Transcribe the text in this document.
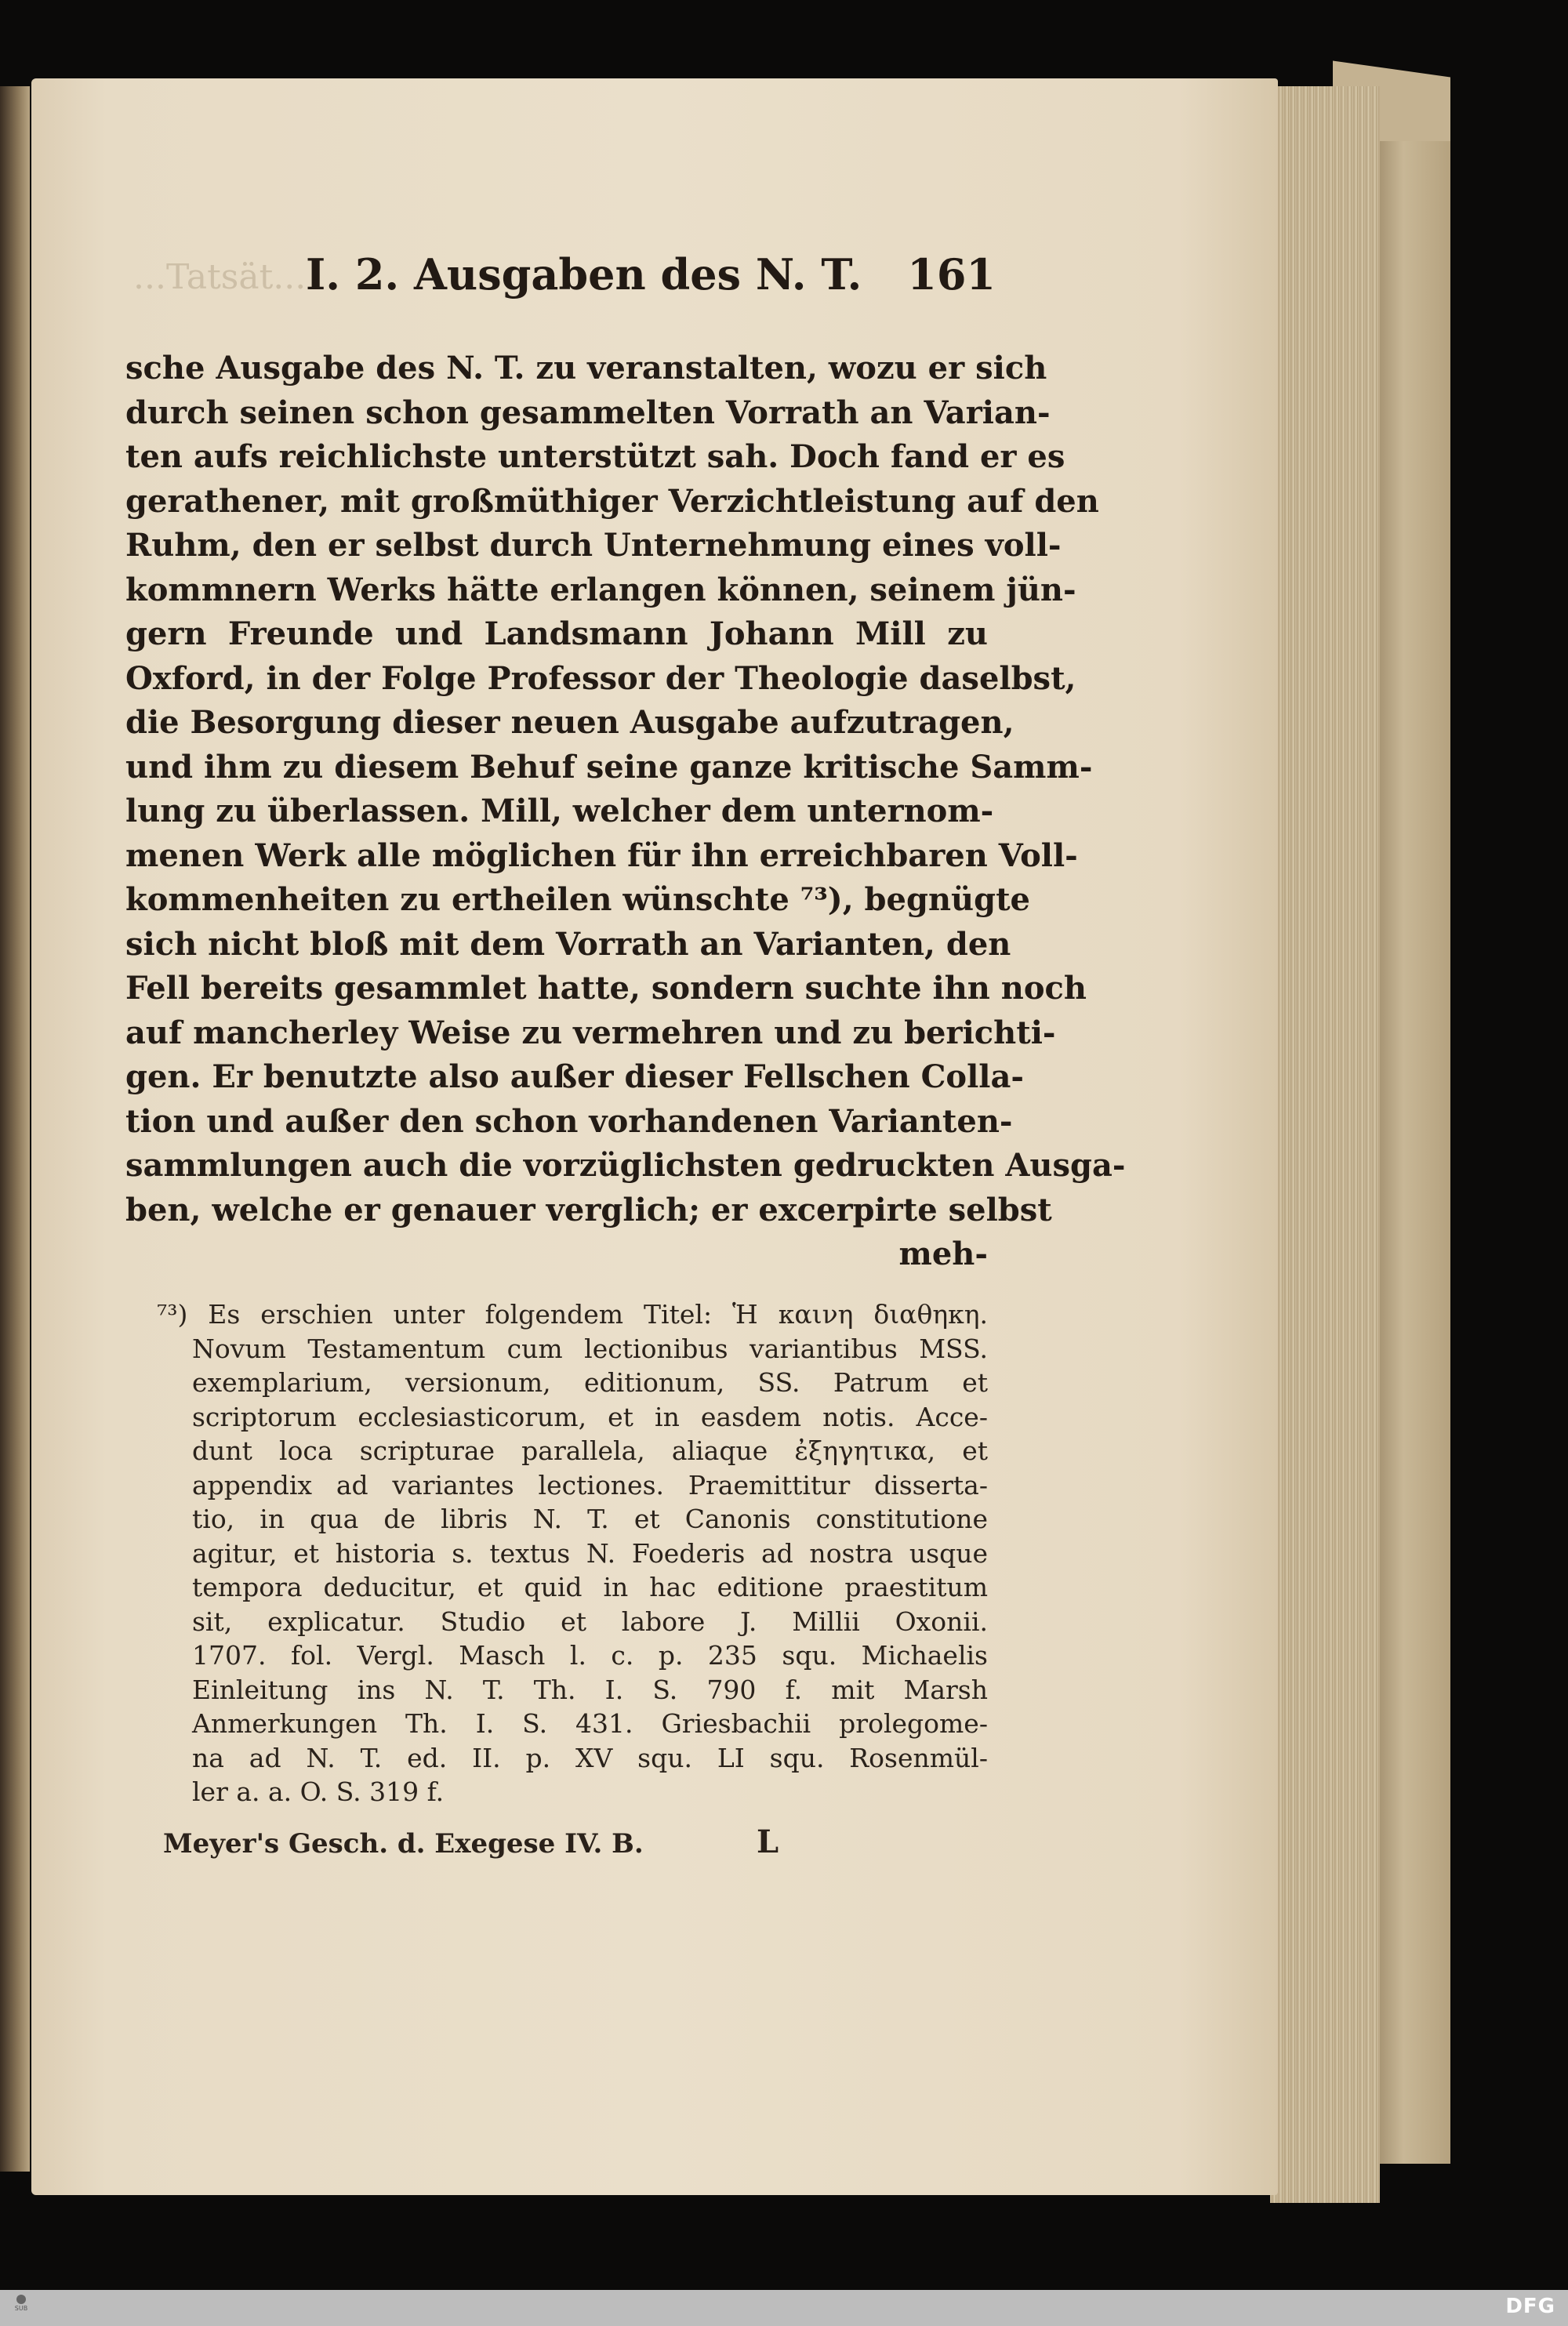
...Tatsät... I. 2. Ausgaben des N. T. 161
sche Ausgabe des N. T. zu veranstalten, wozu er sich
durch seinen schon gesammelten Vorrath an Varian-
ten aufs reichlichste unterstützt sah. Doch fand er es
gerathener, mit großmüthiger Verzichtleistung auf den
Ruhm, den er selbst durch Unternehmung eines voll-
kommnern Werks hätte erlangen können, seinem jün-
gern Freunde und Landsmann Johann Mill zu
Oxford, in der Folge Professor der Theologie daselbst,
die Besorgung dieser neuen Ausgabe aufzutragen,
und ihm zu diesem Behuf seine ganze kritische Samm-
lung zu überlassen. Mill, welcher dem unternom-
menen Werk alle möglichen für ihn erreichbaren Voll-
kommenheiten zu ertheilen wünschte ⁷³), begnügte
sich nicht bloß mit dem Vorrath an Varianten, den
Fell bereits gesammlet hatte, sondern suchte ihn noch
auf mancherley Weise zu vermehren und zu berichti-
gen. Er benutzte also außer dieser Fellschen Colla-
tion und außer den schon vorhandenen Varianten-
sammlungen auch die vorzüglichsten gedruckten Ausga-
ben, welche er genauer verglich; er excerpirte selbst
meh-
⁷³) Es erschien unter folgendem Titel: Ἡ καινη διαθηκη.
Novum Testamentum cum lectionibus variantibus MSS.
exemplarium, versionum, editionum, SS. Patrum et
scriptorum ecclesiasticorum, et in easdem notis. Acce-
dunt loca scripturae parallela, aliaque ἐξηγητικα, et
appendix ad variantes lectiones. Praemittitur disserta-
tio, in qua de libris N. T. et Canonis constitutione
agitur, et historia s. textus N. Foederis ad nostra usque
tempora deducitur, et quid in hac editione praestitum
sit, explicatur. Studio et labore J. Millii Oxonii.
1707. fol. Vergl. Masch l. c. p. 235 squ. Michaelis
Einleitung ins N. T. Th. I. S. 790 f. mit Marsh
Anmerkungen Th. I. S. 431. Griesbachii prolegome-
na ad N. T. ed. II. p. XV squ. LI squ. Rosenmül-
ler a. a. O. S. 319 f.
Meyer's Gesch. d. Exegese IV. B.	L
SUB	DFG
